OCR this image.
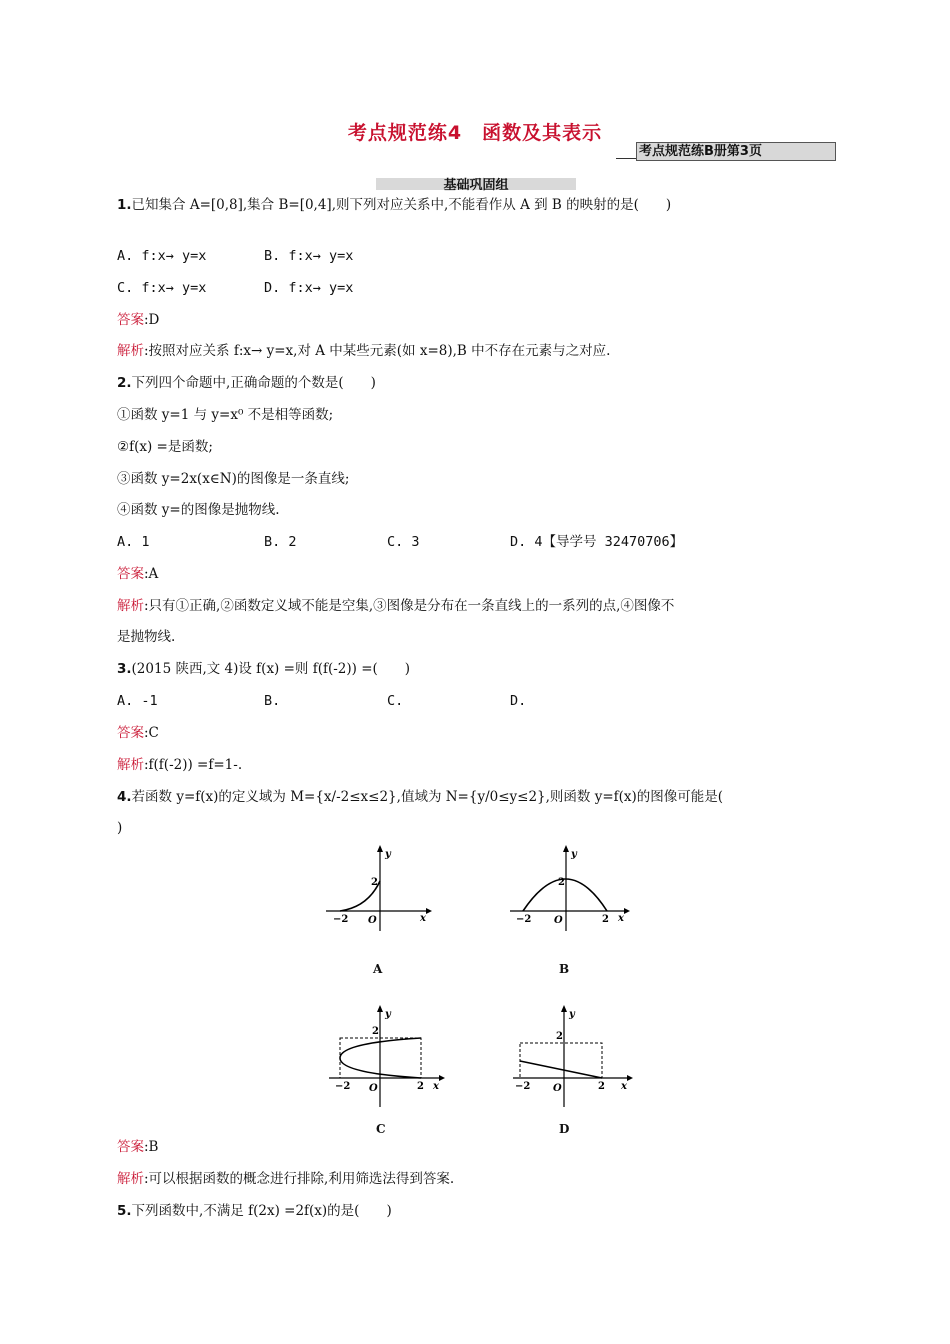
考点规范练4　函数及其表示
考点规范练B册第3页
基础巩固组
1.已知集合 A=[0,8],集合 B=[0,4],则下列对应关系中,不能看作从 A 到 B 的映射的是(　　)
A. f:x→ y=x	B. f:x→ y=x
C. f:x→ y=x	D. f:x→ y=x
答案:D
解析:按照对应关系 f:x→ y=x,对 A 中某些元素(如 x=8),B 中不存在元素与之对应.
2.下列四个命题中,正确命题的个数是(　　)
①函数 y=1 与 y=x⁰ 不是相等函数;
②f(x) =是函数;
③函数 y=2x(x∈N)的图像是一条直线;
④函数 y=的图像是抛物线.
A. 1	B. 2	C. 3	D. 4【导学号 32470706】
答案:A
解析:只有①正确,②函数定义域不能是空集,③图像是分布在一条直线上的一系列的点,④图像不
是抛物线.
3.(2015 陕西,文 4)设 f(x) =则 f(f(-2)) =(　　)
A. -1	B.	C.	D.
答案:C
解析:f(f(-2)) =f=1-.
4.若函数 y=f(x)的定义域为 M={x/-2≤x≤2},值域为 N={y/0≤y≤2},则函数 y=f(x)的图像可能是(
)
y
x
O
−2
2
A
y
x
O
−2	2
2
B
y
x
O
−2	2
2
C
y
x
O
−2	2
2
D
答案:B
解析:可以根据函数的概念进行排除,利用筛选法得到答案.
5.下列函数中,不满足 f(2x) =2f(x)的是(　　)
